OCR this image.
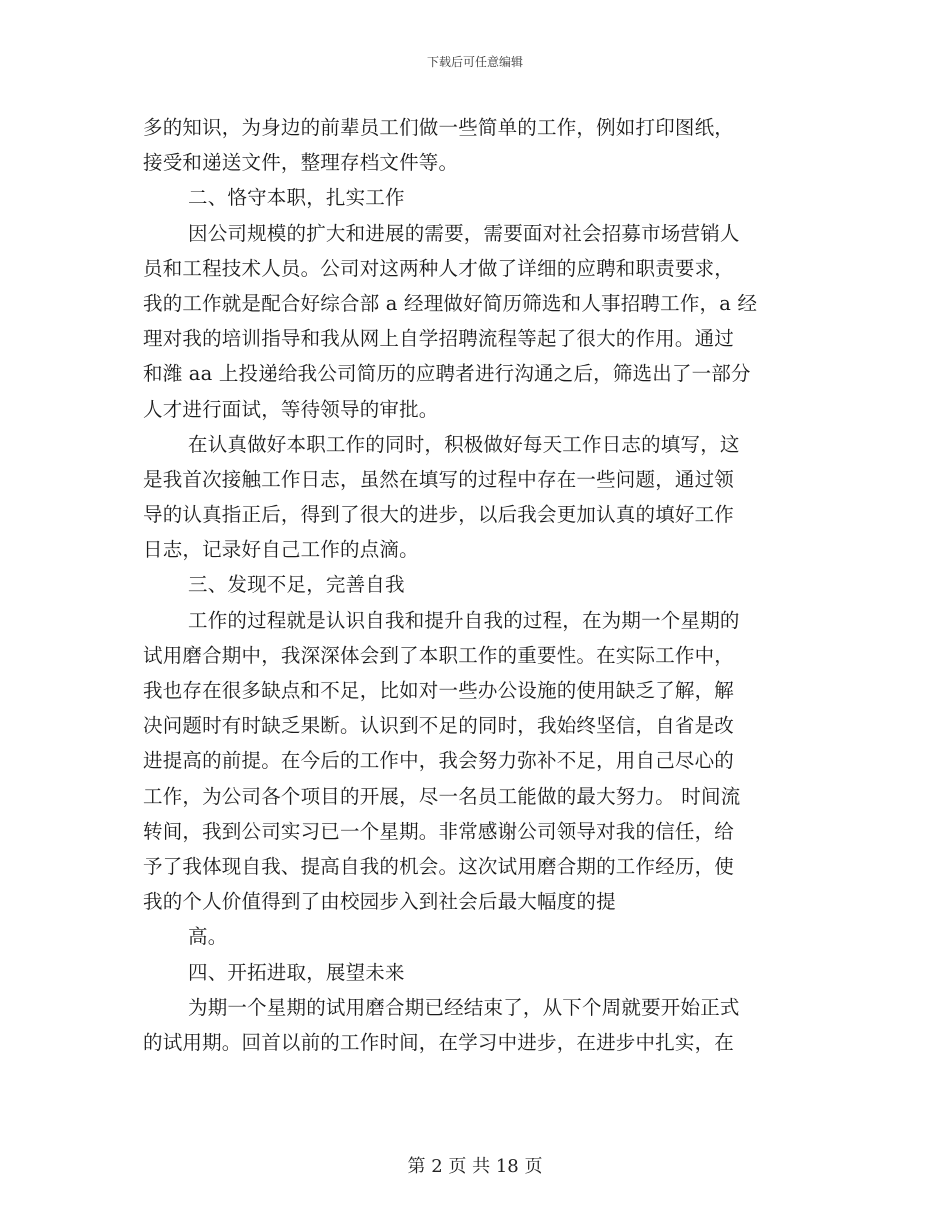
下载后可任意编辑
多的知识，为身边的前辈员工们做一些简单的工作，例如打印图纸，
接受和递送文件，整理存档文件等。
二、恪守本职，扎实工作
因公司规模的扩大和进展的需要，需要面对社会招募市场营销人
员和工程技术人员。公司对这两种人才做了详细的应聘和职责要求，
我的工作就是配合好综合部 a 经理做好简历筛选和人事招聘工作，a 经
理对我的培训指导和我从网上自学招聘流程等起了很大的作用。通过
和潍 aa 上投递给我公司简历的应聘者进行沟通之后，筛选出了一部分
人才进行面试，等待领导的审批。
在认真做好本职工作的同时，积极做好每天工作日志的填写，这
是我首次接触工作日志，虽然在填写的过程中存在一些问题，通过领
导的认真指正后，得到了很大的进步，以后我会更加认真的填好工作
日志，记录好自己工作的点滴。
三、发现不足，完善自我
工作的过程就是认识自我和提升自我的过程，在为期一个星期的
试用磨合期中，我深深体会到了本职工作的重要性。在实际工作中，
我也存在很多缺点和不足，比如对一些办公设施的使用缺乏了解，解
决问题时有时缺乏果断。认识到不足的同时，我始终坚信，自省是改
进提高的前提。在今后的工作中，我会努力弥补不足，用自己尽心的
工作，为公司各个项目的开展，尽一名员工能做的最大努力。 时间流
转间，我到公司实习已一个星期。非常感谢公司领导对我的信任，给
予了我体现自我、提高自我的机会。这次试用磨合期的工作经历，使
我的个人价值得到了由校园步入到社会后最大幅度的提
高。
四、开拓进取，展望未来
为期一个星期的试用磨合期已经结束了，从下个周就要开始正式
的试用期。回首以前的工作时间，在学习中进步，在进步中扎实，在
第 2 页 共 18 页
